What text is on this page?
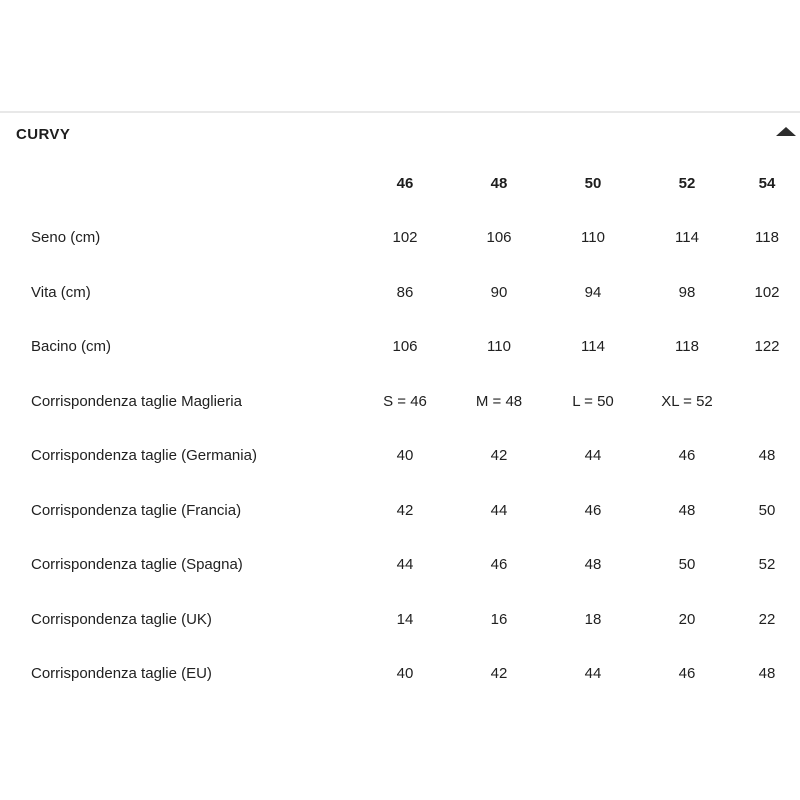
CURVY
	46	48	50	52	54
Seno (cm)	102	106	110	114	118
Vita (cm)	86	90	94	98	102
Bacino (cm)	106	110	114	118	122
Corrispondenza taglie Maglieria	S = 46	M = 48	L = 50	XL = 52	
Corrispondenza taglie (Germania)	40	42	44	46	48
Corrispondenza taglie (Francia)	42	44	46	48	50
Corrispondenza taglie (Spagna)	44	46	48	50	52
Corrispondenza taglie (UK)	14	16	18	20	22
Corrispondenza taglie (EU)	40	42	44	46	48
